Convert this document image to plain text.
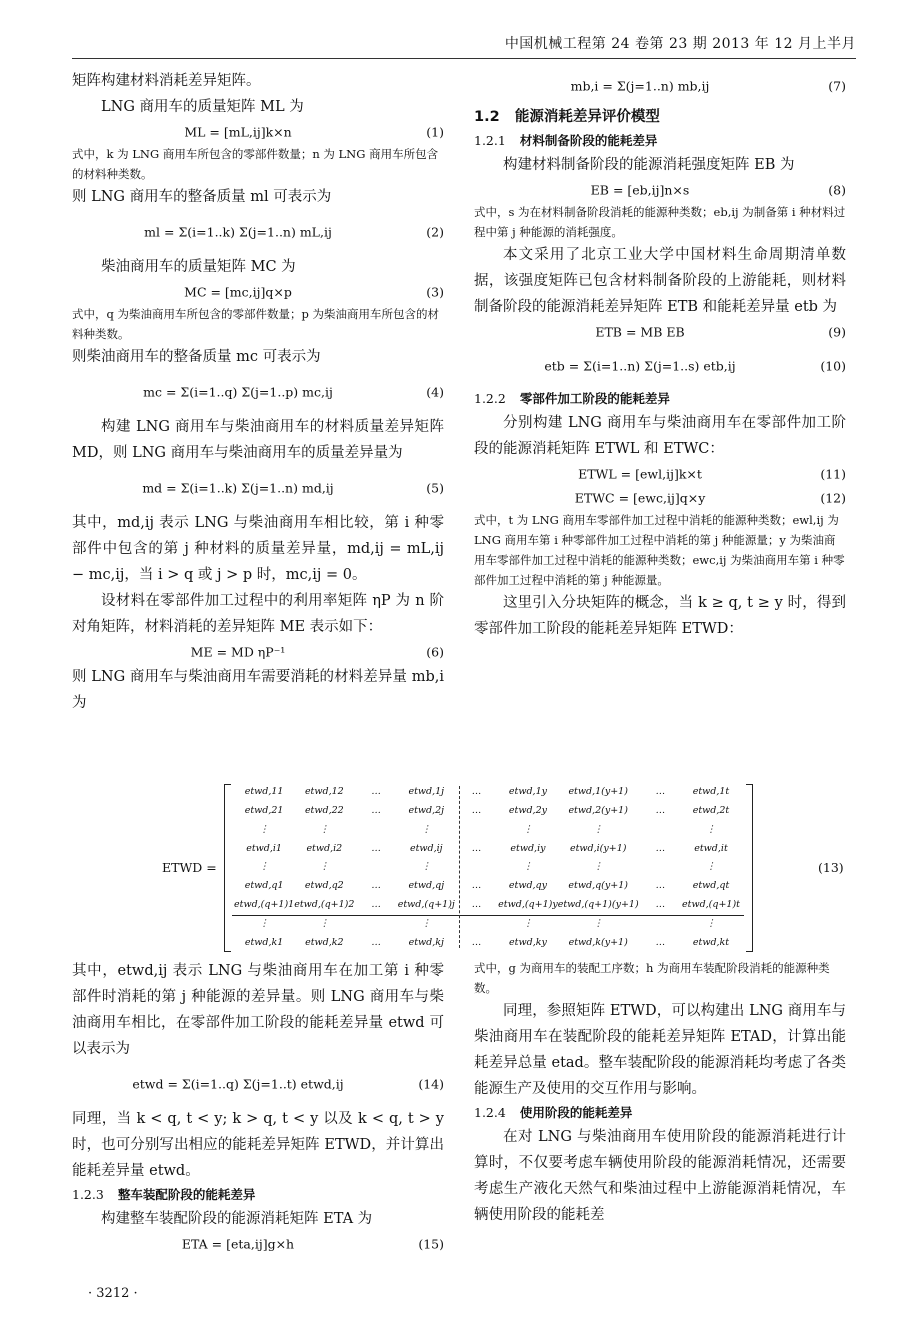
中国机械工程第 24 卷第 23 期 2013 年 12 月上半月

矩阵构建材料消耗差异矩阵。

LNG 商用车的质量矩阵 ML 为

ML = [mL,ij]k×n	(1)

式中，k 为 LNG 商用车所包含的零部件数量；n 为 LNG 商用车所包含的材料种类数。

则 LNG 商用车的整备质量 ml 可表示为

ml = Σ(i=1..k) Σ(j=1..n) mL,ij	(2)

柴油商用车的质量矩阵 MC 为

MC = [mc,ij]q×p	(3)

式中，q 为柴油商用车所包含的零部件数量；p 为柴油商用车所包含的材料种类数。

则柴油商用车的整备质量 mc 可表示为

mc = Σ(i=1..q) Σ(j=1..p) mc,ij	(4)

构建 LNG 商用车与柴油商用车的材料质量差异矩阵 MD，则 LNG 商用车与柴油商用车的质量差异量为

md = Σ(i=1..k) Σ(j=1..n) md,ij	(5)

其中，md,ij 表示 LNG 与柴油商用车相比较，第 i 种零部件中包含的第 j 种材料的质量差异量，md,ij = mL,ij − mc,ij，当 i > q 或 j > p 时，mc,ij = 0。

设材料在零部件加工过程中的利用率矩阵 ηP 为 n 阶对角矩阵，材料消耗的差异矩阵 ME 表示如下：

ME = MD ηP⁻¹	(6)

则 LNG 商用车与柴油商用车需要消耗的材料差异量 mb,i 为

mb,i = Σ(j=1..n) mb,ij	(7)

1.2 能源消耗差异评价模型

1.2.1 材料制备阶段的能耗差异

构建材料制备阶段的能源消耗强度矩阵 EB 为

EB = [eb,ij]n×s	(8)

式中，s 为在材料制备阶段消耗的能源种类数；eb,ij 为制备第 i 种材料过程中第 j 种能源的消耗强度。

本文采用了北京工业大学中国材料生命周期清单数据，该强度矩阵已包含材料制备阶段的上游能耗，则材料制备阶段的能源消耗差异矩阵 ETB 和能耗差异量 etb 为

ETB = MB EB	(9)
etb = Σ(i=1..n) Σ(j=1..s) etb,ij	(10)

1.2.2 零部件加工阶段的能耗差异

分别构建 LNG 商用车与柴油商用车在零部件加工阶段的能源消耗矩阵 ETWL 和 ETWC：

ETWL = [ewl,ij]k×t	(11)
ETWC = [ewc,ij]q×y	(12)

式中，t 为 LNG 商用车零部件加工过程中消耗的能源种类数；ewl,ij 为 LNG 商用车第 i 种零部件加工过程中消耗的第 j 种能源量；y 为柴油商用车零部件加工过程中消耗的能源种类数；ewc,ij 为柴油商用车第 i 种零部件加工过程中消耗的第 j 种能源量。

这里引入分块矩阵的概念，当 k ≥ q, t ≥ y 时，得到零部件加工阶段的能耗差异矩阵 ETWD：

ETWD =
etwd,11	etwd,12	…	etwd,1j	…	etwd,1y	etwd,1(y+1)	…	etwd,1t
etwd,21	etwd,22	…	etwd,2j	…	etwd,2y	etwd,2(y+1)	…	etwd,2t
⋮	⋮	⋮	⋮	⋮	⋮
etwd,i1	etwd,i2	…	etwd,ij	…	etwd,iy	etwd,i(y+1)	…	etwd,it
⋮	⋮	⋮	⋮	⋮	⋮
etwd,q1	etwd,q2	…	etwd,qj	…	etwd,qy	etwd,q(y+1)	…	etwd,qt
etwd,(q+1)1 etwd,(q+1)2	…	etwd,(q+1)j	…	etwd,(q+1)y etwd,(q+1)(y+1)	…	etwd,(q+1)t
⋮	⋮	⋮	⋮	⋮	⋮
etwd,k1	etwd,k2	…	etwd,kj	…	etwd,ky	etwd,k(y+1)	…	etwd,kt
(13)

其中，etwd,ij 表示 LNG 与柴油商用车在加工第 i 种零部件时消耗的第 j 种能源的差异量。则 LNG 商用车与柴油商用车相比，在零部件加工阶段的能耗差异量 etwd 可以表示为

etwd = Σ(i=1..q) Σ(j=1..t) etwd,ij	(14)

同理，当 k < q, t < y; k > q, t < y 以及 k < q, t > y 时，也可分别写出相应的能耗差异矩阵 ETWD，并计算出能耗差异量 etwd。

1.2.3 整车装配阶段的能耗差异

构建整车装配阶段的能源消耗矩阵 ETA 为

ETA = [eta,ij]g×h	(15)

式中，g 为商用车的装配工序数；h 为商用车装配阶段消耗的能源种类数。

同理，参照矩阵 ETWD，可以构建出 LNG 商用车与柴油商用车在装配阶段的能耗差异矩阵 ETAD，计算出能耗差异总量 etad。整车装配阶段的能源消耗均考虑了各类能源生产及使用的交互作用与影响。

1.2.4 使用阶段的能耗差异

在对 LNG 与柴油商用车使用阶段的能源消耗进行计算时，不仅要考虑车辆使用阶段的能源消耗情况，还需要考虑生产液化天然气和柴油过程中上游能源消耗情况，车辆使用阶段的能耗差

· 3212 ·
